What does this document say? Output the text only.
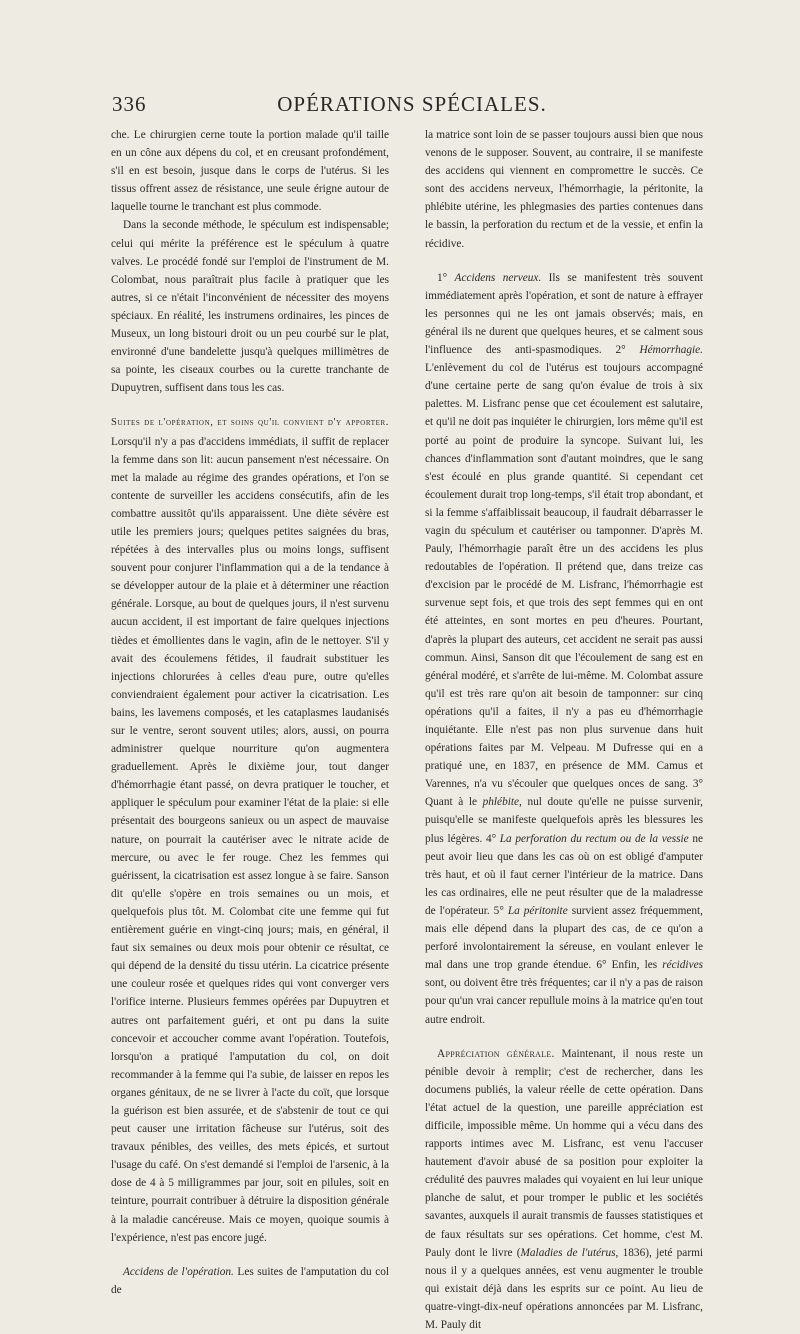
336	OPÉRATIONS SPÉCIALES.

che. Le chirurgien cerne toute la portion malade qu'il taille en un cône aux dépens du col, et en creusant profondément, s'il en est besoin, jusque dans le corps de l'utérus. Si les tissus offrent assez de résistance, une seule érigne autour de laquelle tourne le tranchant est plus commode.

Dans la seconde méthode, le spéculum est indispensable; celui qui mérite la préférence est le spéculum à quatre valves. Le procédé fondé sur l'emploi de l'instrument de M. Colombat, nous paraîtrait plus facile à pratiquer que les autres, si ce n'était l'inconvénient de nécessiter des moyens spéciaux. En réalité, les instrumens ordinaires, les pinces de Museux, un long bistouri droit ou un peu courbé sur le plat, environné d'une bandelette jusqu'à quelques millimètres de sa pointe, les ciseaux courbes ou la curette tranchante de Dupuytren, suffisent dans tous les cas.

Suites de l'opération, et soins qu'il convient d'y apporter. Lorsqu'il n'y a pas d'accidens immédiats, il suffit de replacer la femme dans son lit: aucun pansement n'est nécessaire. On met la malade au régime des grandes opérations, et l'on se contente de surveiller les accidens consécutifs, afin de les combattre aussitôt qu'ils apparaissent. Une diète sévère est utile les premiers jours; quelques petites saignées du bras, répétées à des intervalles plus ou moins longs, suffisent souvent pour conjurer l'inflammation qui a de la tendance à se développer autour de la plaie et à déterminer une réaction générale. Lorsque, au bout de quelques jours, il n'est survenu aucun accident, il est important de faire quelques injections tièdes et émollientes dans le vagin, afin de le nettoyer. S'il y avait des écoulemens fétides, il faudrait substituer les injections chlorurées à celles d'eau pure, outre qu'elles conviendraient également pour activer la cicatrisation. Les bains, les lavemens composés, et les cataplasmes laudanisés sur le ventre, seront souvent utiles; alors, aussi, on pourra administrer quelque nourriture qu'on augmentera graduellement. Après le dixième jour, tout danger d'hémorrhagie étant passé, on devra pratiquer le toucher, et appliquer le spéculum pour examiner l'état de la plaie: si elle présentait des bourgeons sanieux ou un aspect de mauvaise nature, on pourrait la cautériser avec le nitrate acide de mercure, ou avec le fer rouge. Chez les femmes qui guérissent, la cicatrisation est assez longue à se faire. Sanson dit qu'elle s'opère en trois semaines ou un mois, et quelquefois plus tôt. M. Colombat cite une femme qui fut entièrement guérie en vingt-cinq jours; mais, en général, il faut six semaines ou deux mois pour obtenir ce résultat, ce qui dépend de la densité du tissu utérin. La cicatrice présente une couleur rosée et quelques rides qui vont converger vers l'orifice interne. Plusieurs femmes opérées par Dupuytren et autres ont parfaitement guéri, et ont pu dans la suite concevoir et accoucher comme avant l'opération. Toutefois, lorsqu'on a pratiqué l'amputation du col, on doit recommander à la femme qui l'a subie, de laisser en repos les organes génitaux, de ne se livrer à l'acte du coït, que lorsque la guérison est bien assurée, et de s'abstenir de tout ce qui peut causer une irritation fâcheuse sur l'utérus, soit des travaux pénibles, des veilles, des mets épicés, et surtout l'usage du café. On s'est demandé si l'emploi de l'arsenic, à la dose de 4 à 5 milligrammes par jour, soit en pilules, soit en teinture, pourrait contribuer à détruire la disposition générale à la maladie cancéreuse. Mais ce moyen, quoique soumis à l'expérience, n'est pas encore jugé.

Accidens de l'opération. Les suites de l'amputation du col de

la matrice sont loin de se passer toujours aussi bien que nous venons de le supposer. Souvent, au contraire, il se manifeste des accidens qui viennent en compromettre le succès. Ce sont des accidens nerveux, l'hémorrhagie, la péritonite, la phlébite utérine, les phlegmasies des parties contenues dans le bassin, la perforation du rectum et de la vessie, et enfin la récidive.

1° Accidens nerveux. Ils se manifestent très souvent immédiatement après l'opération, et sont de nature à effrayer les personnes qui ne les ont jamais observés; mais, en général ils ne durent que quelques heures, et se calment sous l'influence des anti-spasmodiques. 2° Hémorrhagie. L'enlèvement du col de l'utérus est toujours accompagné d'une certaine perte de sang qu'on évalue de trois à six palettes. M. Lisfranc pense que cet écoulement est salutaire, et qu'il ne doit pas inquiéter le chirurgien, lors même qu'il est porté au point de produire la syncope. Suivant lui, les chances d'inflammation sont d'autant moindres, que le sang s'est écoulé en plus grande quantité. Si cependant cet écoulement durait trop long-temps, s'il était trop abondant, et si la femme s'affaiblissait beaucoup, il faudrait débarrasser le vagin du spéculum et cautériser ou tamponner. D'après M. Pauly, l'hémorrhagie paraît être un des accidens les plus redoutables de l'opération. Il prétend que, dans treize cas d'excision par le procédé de M. Lisfranc, l'hémorrhagie est survenue sept fois, et que trois des sept femmes qui en ont été atteintes, en sont mortes en peu d'heures. Pourtant, d'après la plupart des auteurs, cet accident ne serait pas aussi commun. Ainsi, Sanson dit que l'écoulement de sang est en général modéré, et s'arrête de lui-même. M. Colombat assure qu'il est très rare qu'on ait besoin de tamponner: sur cinq opérations qu'il a faites, il n'y a pas eu d'hémorrhagie inquiétante. Elle n'est pas non plus survenue dans huit opérations faites par M. Velpeau. M Dufresse qui en a pratiqué une, en 1837, en présence de MM. Camus et Varennes, n'a vu s'écouler que quelques onces de sang. 3° Quant à le phlébite, nul doute qu'elle ne puisse survenir, puisqu'elle se manifeste quelquefois après les blessures les plus légères. 4° La perforation du rectum ou de la vessie ne peut avoir lieu que dans les cas où on est obligé d'amputer très haut, et où il faut cerner l'intérieur de la matrice. Dans les cas ordinaires, elle ne peut résulter que de la maladresse de l'opérateur. 5° La péritonite survient assez fréquemment, mais elle dépend dans la plupart des cas, de ce qu'on a perforé involontairement la séreuse, en voulant enlever le mal dans une trop grande étendue. 6° Enfin, les récidives sont, ou doivent être très fréquentes; car il n'y a pas de raison pour qu'un vrai cancer repullule moins à la matrice qu'en tout autre endroit.

Appréciation générale. Maintenant, il nous reste un pénible devoir à remplir; c'est de rechercher, dans les documens publiés, la valeur réelle de cette opération. Dans l'état actuel de la question, une pareille appréciation est difficile, impossible même. Un homme qui a vécu dans des rapports intimes avec M. Lisfranc, est venu l'accuser hautement d'avoir abusé de sa position pour exploiter la crédulité des pauvres malades qui voyaient en lui leur unique planche de salut, et pour tromper le public et les sociétés savantes, auxquels il aurait transmis de fausses statistiques et de faux résultats sur ses opérations. Cet homme, c'est M. Pauly dont le livre (Maladies de l'utérus, 1836), jeté parmi nous il y a quelques années, est venu augmenter le trouble qui existait déjà dans les esprits sur ce point. Au lieu de quatre-vingt-dix-neuf opérations annoncées par M. Lisfranc, M. Pauly dit
